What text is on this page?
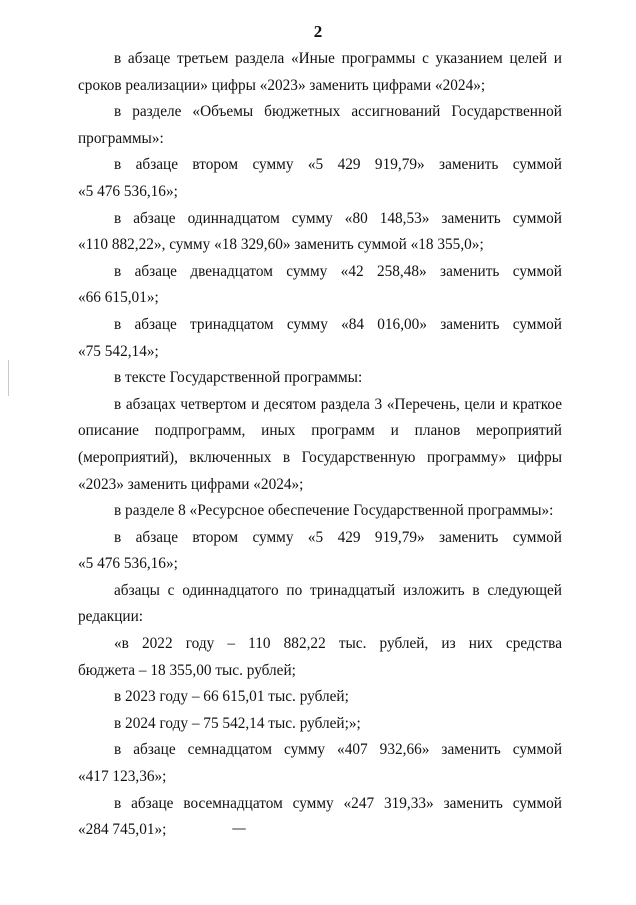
2
в абзаце третьем раздела «Иные программы с указанием целей и
сроков реализации» цифры «2023» заменить цифрами «2024»;
в разделе «Объемы бюджетных ассигнований Государственной
программы»:
в абзаце втором сумму «5 429 919,79» заменить суммой
«5 476 536,16»;
в абзаце одиннадцатом сумму «80 148,53» заменить суммой
«110 882,22», сумму «18 329,60» заменить суммой «18 355,0»;
в абзаце двенадцатом сумму «42 258,48» заменить суммой
«66 615,01»;
в абзаце тринадцатом сумму «84 016,00» заменить суммой
«75 542,14»;
в тексте Государственной программы:
в абзацах четвертом и десятом раздела 3 «Перечень, цели и краткое
описание подпрограмм, иных программ и планов мероприятий
(мероприятий), включенных в Государственную программу» цифры
«2023» заменить цифрами «2024»;
в разделе 8 «Ресурсное обеспечение Государственной программы»:
в абзаце втором сумму «5 429 919,79» заменить суммой
«5 476 536,16»;
абзацы с одиннадцатого по тринадцатый изложить в следующей
редакции:
«в 2022 году – 110 882,22 тыс. рублей, из них средства
бюджета – 18 355,00 тыс. рублей;
в 2023 году – 66 615,01 тыс. рублей;
в 2024 году – 75 542,14 тыс. рублей;»;
в абзаце семнадцатом сумму «407 932,66» заменить суммой
«417 123,36»;
в абзаце восемнадцатом сумму «247 319,33» заменить суммой
«284 745,01»;
